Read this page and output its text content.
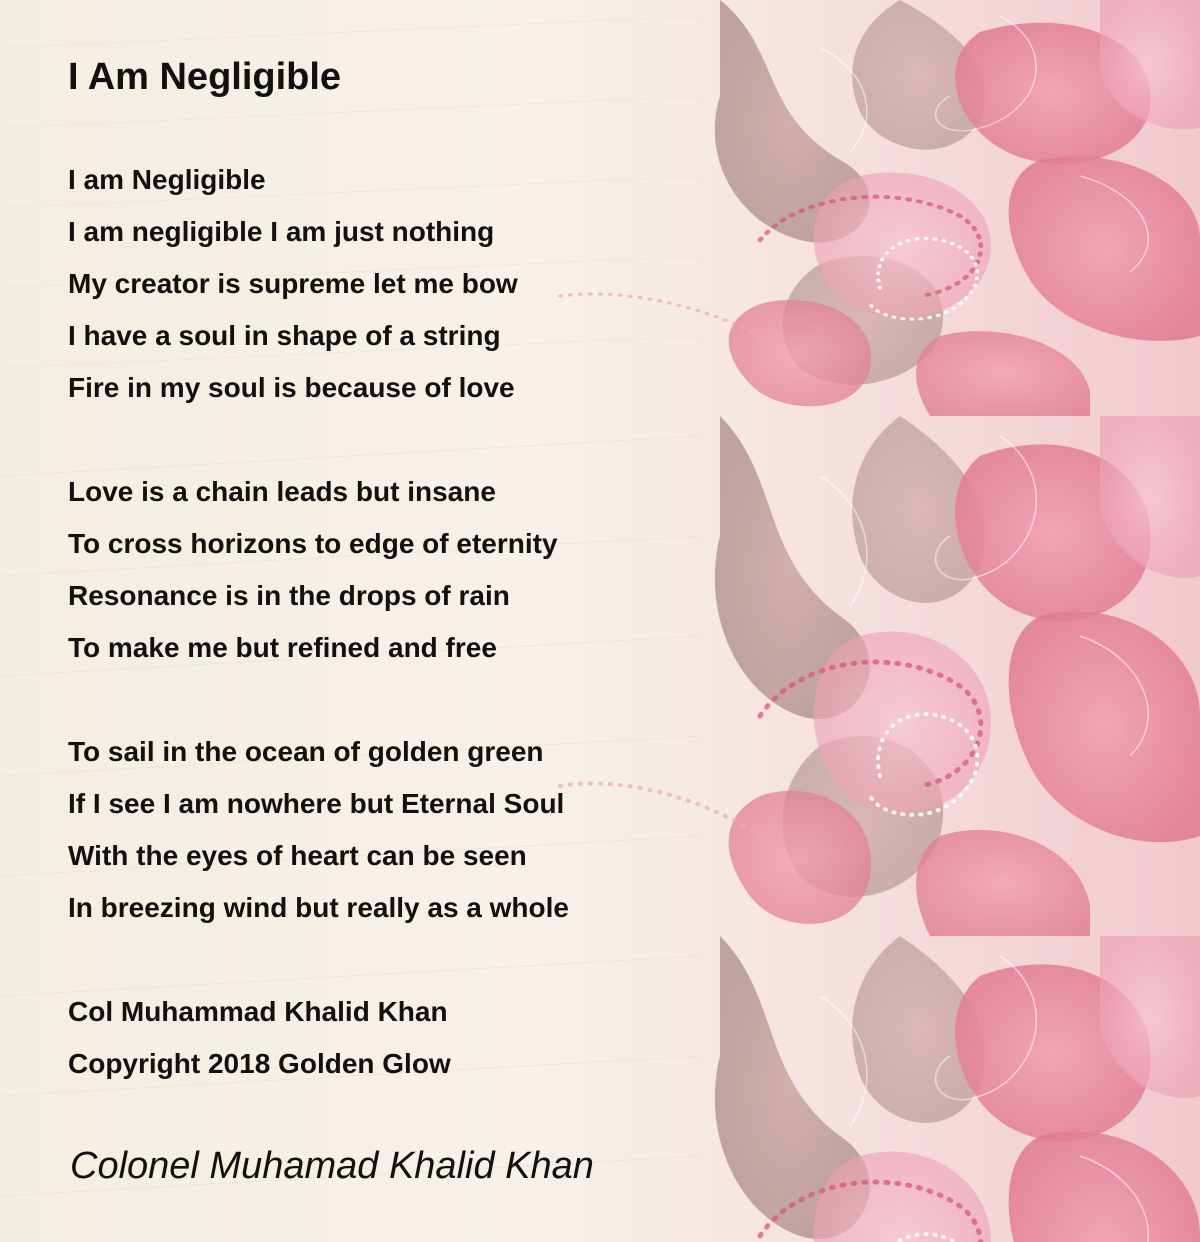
I Am Negligible
I am Negligible
I am negligible I am just nothing
My creator is supreme let me bow
I have a soul in shape of a string
Fire in my soul is because of love
Love is a chain leads but insane
To cross horizons to edge of eternity
Resonance is in the drops of rain
To make me but refined and free
To sail in the ocean of golden green
If I see I am nowhere but Eternal Soul
With the eyes of heart can be seen
In breezing wind but really as a whole
Col Muhammad Khalid Khan
Copyright 2018 Golden Glow
Colonel Muhamad Khalid Khan
